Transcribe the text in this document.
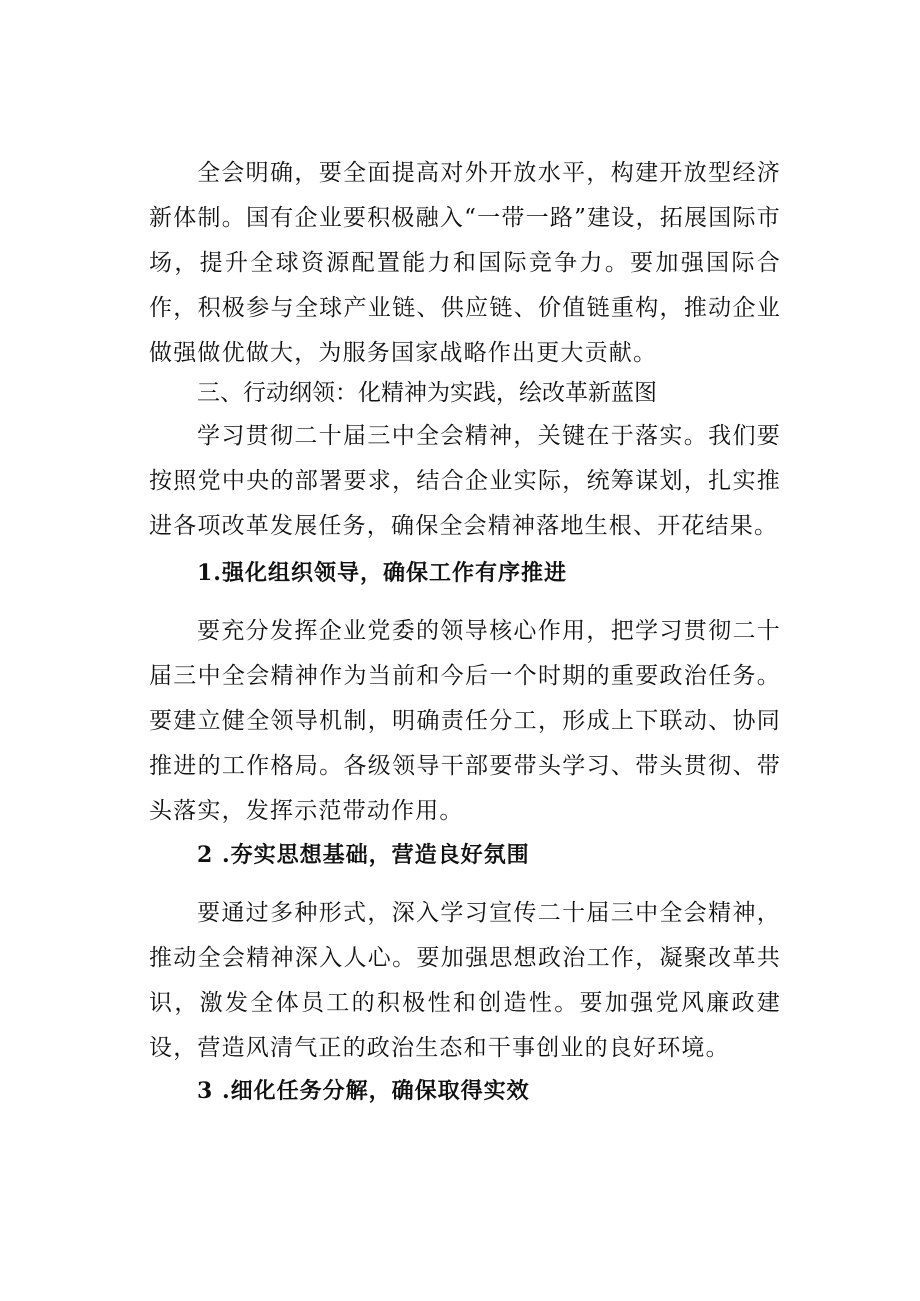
全会明确，要全面提高对外开放水平，构建开放型经济新体制。国有企业要积极融入“一带一路”建设，拓展国际市场，提升全球资源配置能力和国际竞争力。要加强国际合作，积极参与全球产业链、供应链、价值链重构，推动企业做强做优做大，为服务国家战略作出更大贡献。

三、行动纲领：化精神为实践，绘改革新蓝图

学习贯彻二十届三中全会精神，关键在于落实。我们要按照党中央的部署要求，结合企业实际，统筹谋划，扎实推进各项改革发展任务，确保全会精神落地生根、开花结果。

1.强化组织领导，确保工作有序推进

要充分发挥企业党委的领导核心作用，把学习贯彻二十届三中全会精神作为当前和今后一个时期的重要政治任务。要建立健全领导机制，明确责任分工，形成上下联动、协同推进的工作格局。各级领导干部要带头学习、带头贯彻、带头落实，发挥示范带动作用。

2 .夯实思想基础，营造良好氛围

要通过多种形式，深入学习宣传二十届三中全会精神，推动全会精神深入人心。要加强思想政治工作，凝聚改革共识，激发全体员工的积极性和创造性。要加强党风廉政建设，营造风清气正的政治生态和干事创业的良好环境。

3 .细化任务分解，确保取得实效
